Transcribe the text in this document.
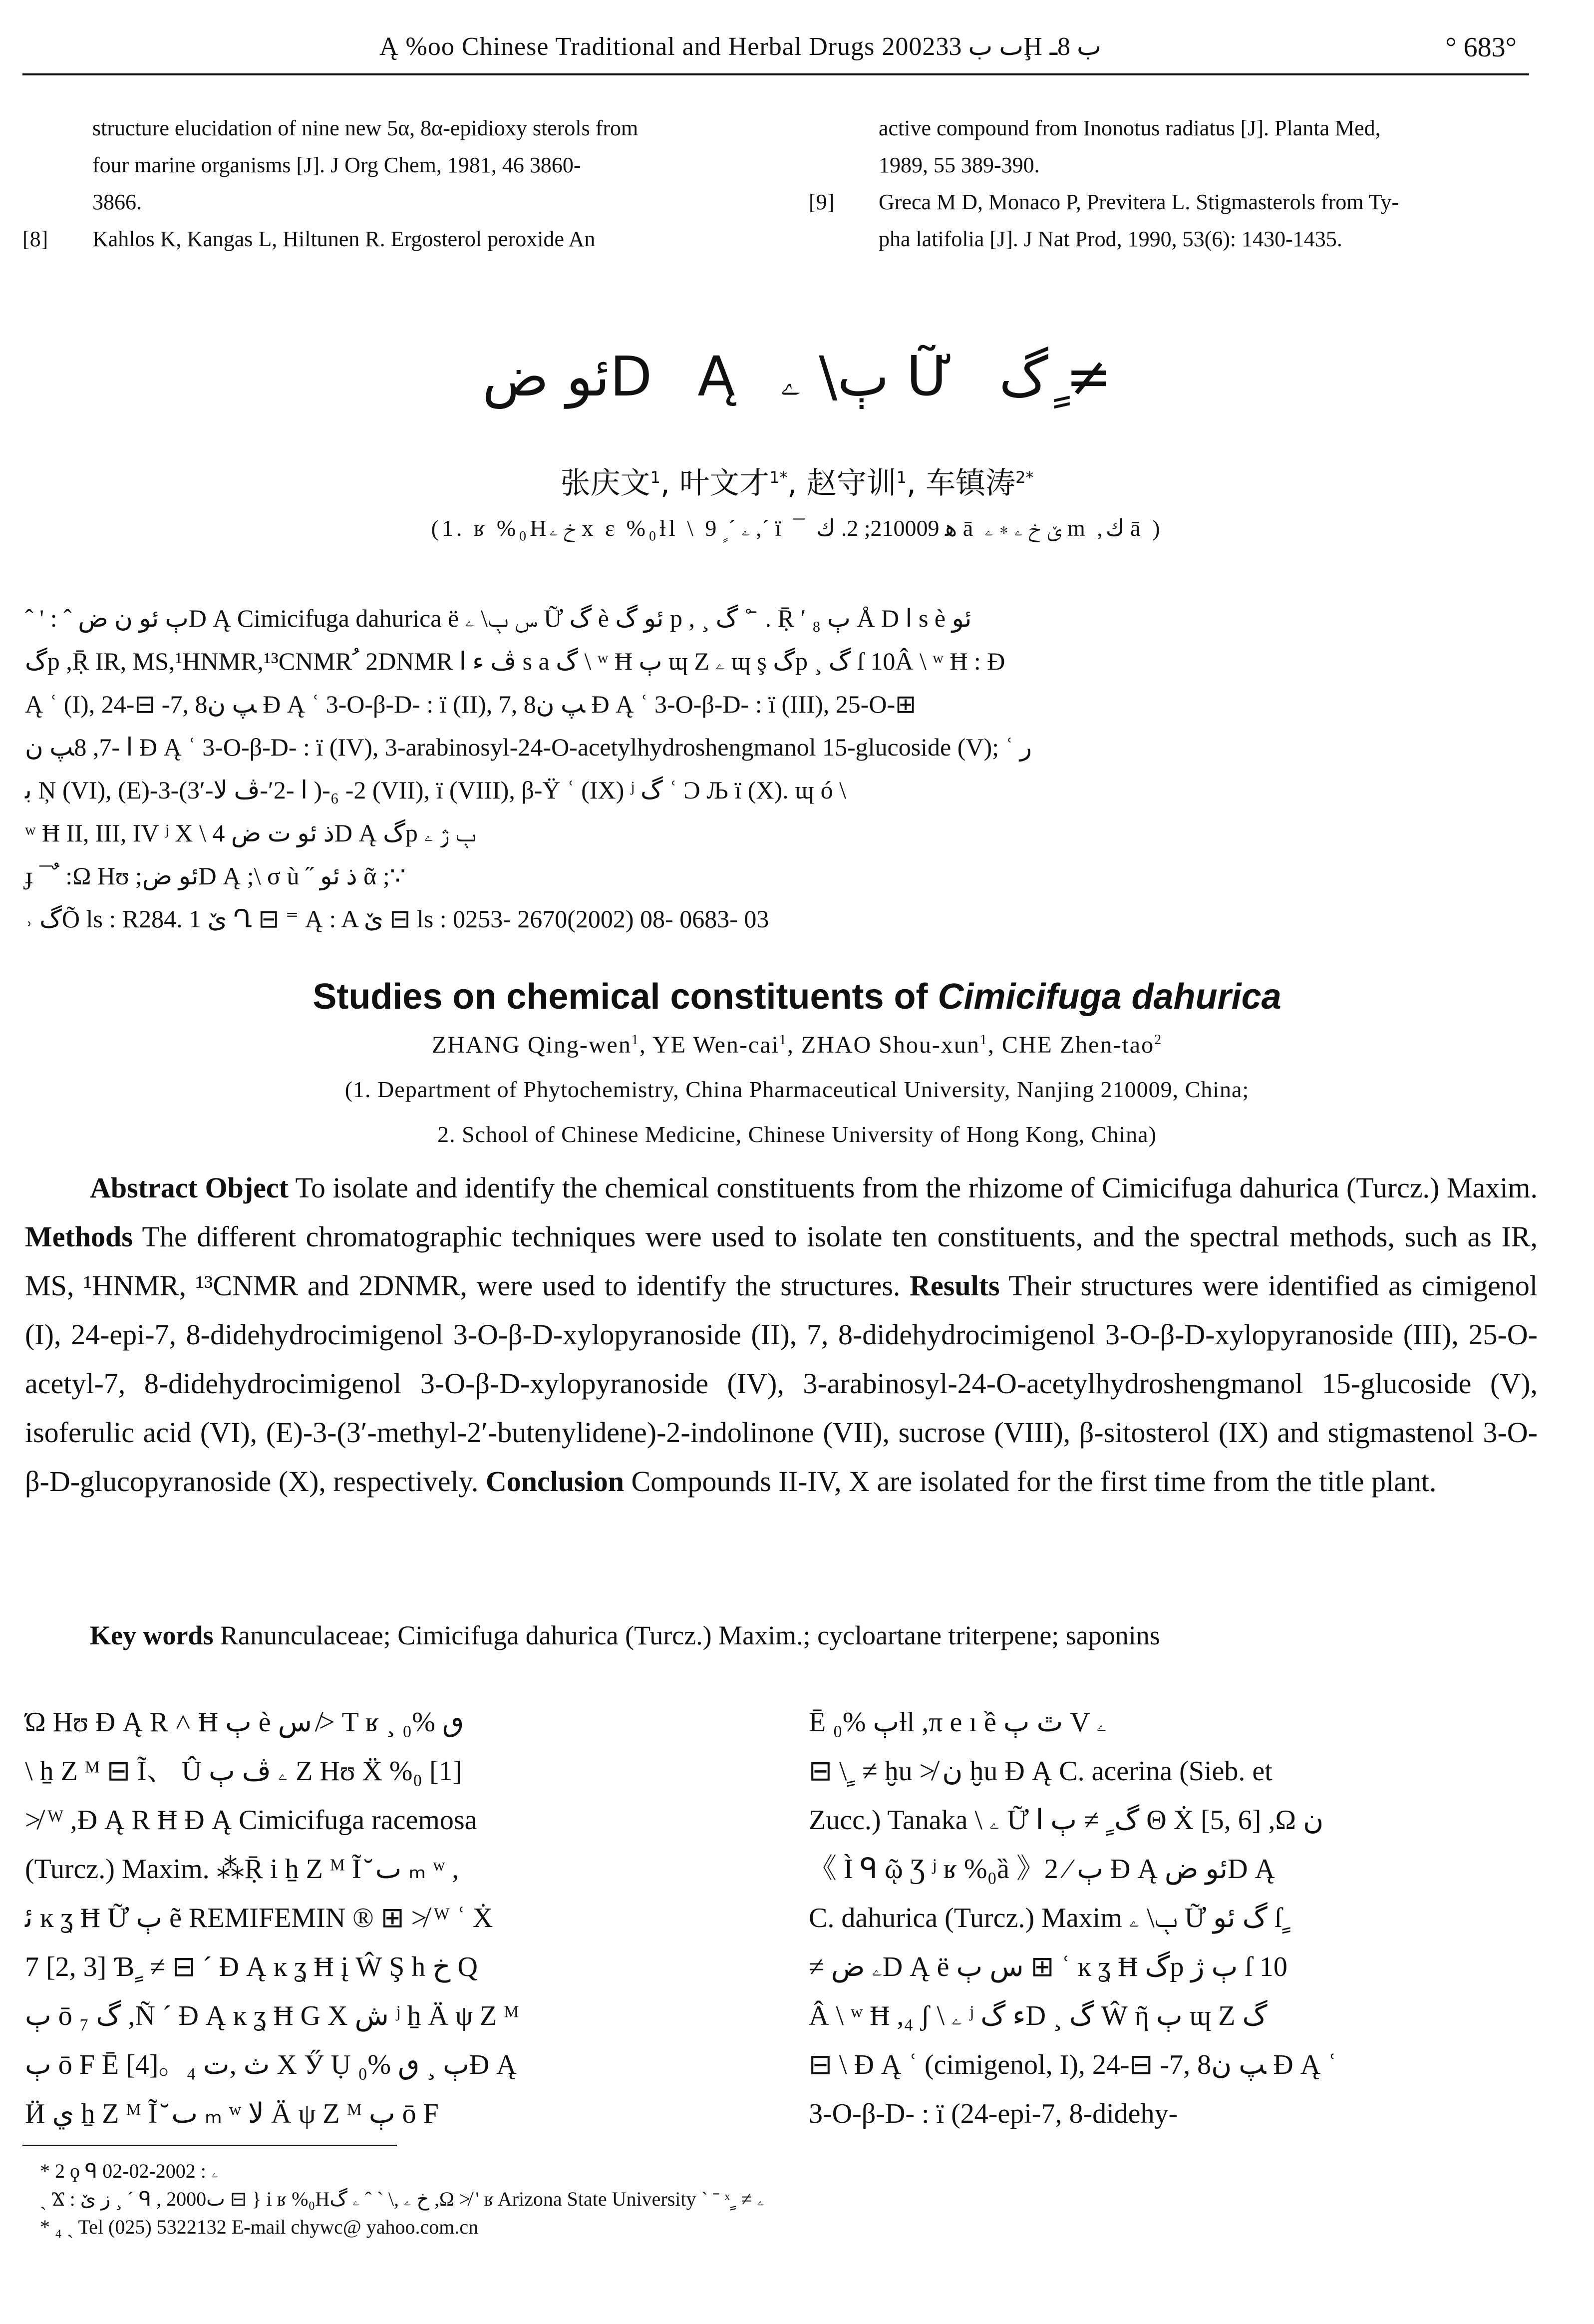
Ą %oo Chinese Traditional and Herbal Drugs 2002ٮ ب 33Ḩ ب 8ـ	° 683°
structure elucidation of nine new 5α, 8α-epidioxy sterols from
four marine organisms [J]. J Org Chem, 1981, 46 3860-
3866.
[8]	Kahlos K, Kangas L, Hiltunen R. Ergosterol peroxide An
active compound from Inonotus radiatus [J]. Planta Med,
1989, 55 389-390.
[9]	Greca M D, Monaco P, Previtera L. Stigmasterols from Ty-
pha latifolia [J]. J Nat Prod, 1990, 53(6): 1430-1435.
ئو ضD Ą ٻ\ ۦ Ữ گ ٍ≠
张庆文$^1$, 叶文才$^{1*}$, 赵守训$^1$, 车镇涛$^{2*}$
(1. ʁ %₀Hخ ۦ x ε %₀ƚl \ ۦ ´ ٍ 9 ,´ ï ¯ ﮬ 210009; 2. ﻙ ā ێ خ ۦ ∗ ۦ m ,ﻙ ā )
ˆ ' : ˆ ٻ ئو ن ضD Ą Cimicifuga dahurica ë ﺱ ٻ\ ۦ Ữ گ è ئو گ p , ¸ گ ˚ ̄ . Ṝ ʹ ₈ ٻ Å D ﺍ s è ئو
گp ,Ṝ IR, MS,¹HNMR,¹³CNMR ُ 2DNMR ﭪ ﺀ ﺍ s a گ \ ʷ Ħ ٻ ɰ Z ۦ ɰ ş گp ¸ گ ſ 10Â \ ʷ Ħ : Ð
Ą ʿ (I), 24-⊟ -7, 8ﭗ ن Ð Ą ʿ 3-O-β-D- : ï (II), 7, 8ﭗ ن Ð Ą ʿ 3-O-β-D- : ï (III), 25-O-⊞
ﺍ -7, 8ﭗ ن Ð Ą ʿ 3-O-β-D- : ï (IV), 3-arabinosyl-24-O-acetylhydroshengmanol 15-glucoside (V); ʿ ر
ﺑ Ņ (VI), (E)-3-(3′-ﺍ -2′-ﭪ ﻻ )-2- ₆ (VII), ï (VIII), β-Ÿ ʿ (IX) ʲ گ ʿ Ͻ Љ ï (X). ɰ ó \
ʷ Ħ II, III, IV ʲ X \ 4 ذ ئو ت ضD Ą گp ٻ ژ ۦ
ɟ ¯ ٌ :Ω Hʊ ;ئو ضD Ą ;\ σ ù ˝ ذ ئو ᾶ ;∵
˒ گÕ ls : R284. 1 ێ Ղ ⊟ ⁼ Ą : A ێ ⊟ ls : 0253- 2670(2002) 08- 0683- 03
Studies on chemical constituents of Cimicifuga dahurica
ZHANG Qing-wen$^1$, YE Wen-cai$^1$, ZHAO Shou-xun$^1$, CHE Zhen-tao$^2$
(1. Department of Phytochemistry, China Pharmaceutical University, Nanjing 210009, China;
2. School of Chinese Medicine, Chinese University of Hong Kong, China)
Abstract Object To isolate and identify the chemical constituents from the rhizome of Cimicifuga dahurica (Turcz.) Maxim. Methods The different chromatographic techniques were used to isolate ten constituents, and the spectral methods, such as IR, MS, ¹HNMR, ¹³CNMR and 2DNMR, were used to identify the structures. Results Their structures were identified as cimigenol (I), 24-epi-7, 8-didehydrocimigenol 3-O-β-D-xylopyranoside (II), 7, 8-didehydrocimigenol 3-O-β-D-xylopyranoside (III), 25-O-acetyl-7, 8-didehydrocimigenol 3-O-β-D-xylopyranoside (IV), 3-arabinosyl-24-O-acetylhydroshengmanol 15-glucoside (V), isoferulic acid (VI), (E)-3-(3′-methyl-2′-butenylidene)-2-indolinone (VII), sucrose (VIII), β-sitosterol (IX) and stigmastenol 3-O-β-D-glucopyranoside (X), respectively. Conclusion Compounds II-IV, X are isolated for the first time from the title plant.
Key words Ranunculaceae; Cimicifuga dahurica (Turcz.) Maxim.; cycloartane triterpene; saponins
Ώ Hʊ Ð Ą R ˄ Ħ ٻ è ﺱ ≯ T ʁ ¸ ٯ %₀
\ ẖ Z ᴹ ⊟ Ĩ、 Û ۦ ﭪ ٻ Z Hʊ Ẍ %₀ [1]
≯ ᵂ ,Ð Ą R Ħ Ð Ą Cimicifuga racemosa
(Turcz.) Maxim. ⁂Ṝ i ẖ Z ᴹ Ĩ ̆ ٮ ₘ ʷ ,
ﺋ ĸ ʓ Ħ Ữ ٻ ẽ REMIFEMIN ® ⊞ ≯ ᵂ ʿ Ẋ
7 [2, 3] Ɓ ٍ ≠ ⊟ ´ Ð Ą ĸ ʓ Ħ į Ŵ Ş h خ Q
ٻ ō گ ₇ ,Ñ ´ Ð Ą ĸ ʓ Ħ G X ﺵ ʲ ẖ Ä ψ Z ᴹ
ٻ ō F Ē [4]。₄ ﺙ ,ﺕ X Ӳ Ụ ٻ ¸ ٯ %₀Ð Ą
Ӥ ﻱ ẖ Z ᴹ Ĩ ̆ ٮ ₘ ʷ ﻻ Ä ψ Z ᴹ ٻ ō F
Ē ٻ %₀ƚl ,π e ı ề ٿ ٻ V ۦ
⊟ \ ٍ ≠ ḫu ≯ ن ḫu Ð Ą C. acerina (Sieb. et
Zucc.) Tanaka \ ۦ Ữ گ ٍ ≠ ٻ ﺍ Θ Ẋ [5, 6] ,Ω ن
《 Ì ᑫ ῷ Ʒ ʲ ʁ %₀ȁ 》2 ⁄ ٻ Ð Ą ئو ضD Ą
C. dahurica (Turcz.) Maxim ٻ\ ۦ Ữ گ ئو ſ ٍ
≠ ۦ ضD Ą ë ﺱ ٻ ⊞ ʿ ĸ ʓ Ħ گp ٻ ژ ſ 10
Â \ ʷ Ħ ,₄ ʃ \ ۦ ʲ ﺀ گD ¸ گ Ŵ ῆ ٻ ɰ Z گ
⊟ \ Ð Ą ʿ (cimigenol, I), 24-⊟ -7, 8ﭗ ن Ð Ą ʿ
3-O-β-D- : ï (24-epi-7, 8-didehy-
* 2 ϙ ᑫ ۦ : 2002-02-02
ˏ Ϫ : ز ێ ¸ ´ ᑫ , 2000ٮ ⊟ } i ʁ %₀Hخ ۦ ,\ ` ˆ ۦ گ ,Ω ≯ ' ʁ Arizona State University ` ˉ ˣ ٍ ≠ ۦ
* ₄ ˏ Tel (025) 5322132 E-mail chywc@ yahoo.com.cn
